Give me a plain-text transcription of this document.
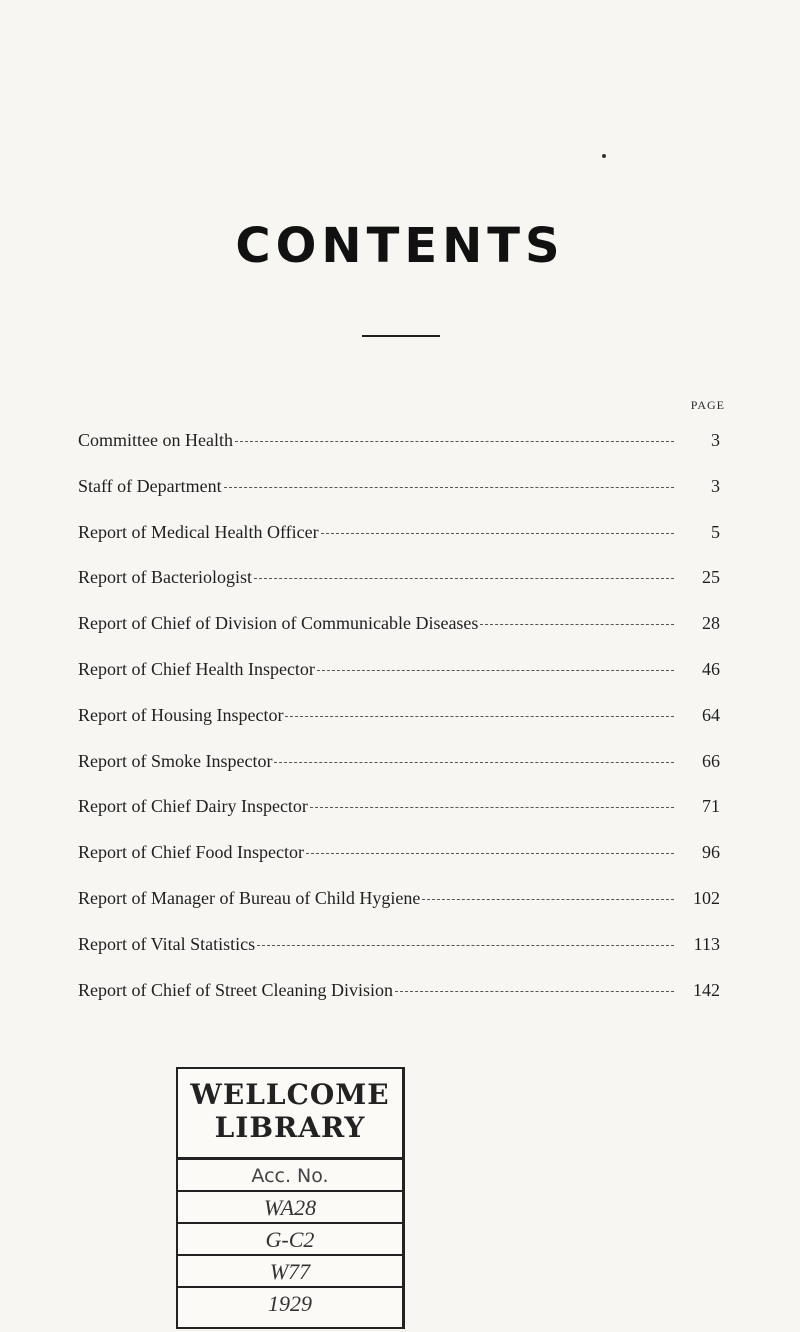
CONTENTS
PAGE
Committee on Health	3
Staff of Department	3
Report of Medical Health Officer	5
Report of Bacteriologist	25
Report of Chief of Division of Communicable Diseases	28
Report of Chief Health Inspector	46
Report of Housing Inspector	64
Report of Smoke Inspector	66
Report of Chief Dairy Inspector	71
Report of Chief Food Inspector	96
Report of Manager of Bureau of Child Hygiene	102
Report of Vital Statistics	113
Report of Chief of Street Cleaning Division	142
WELLCOME
LIBRARY
Acc. No.
WA28
G-C2
W77
1929
